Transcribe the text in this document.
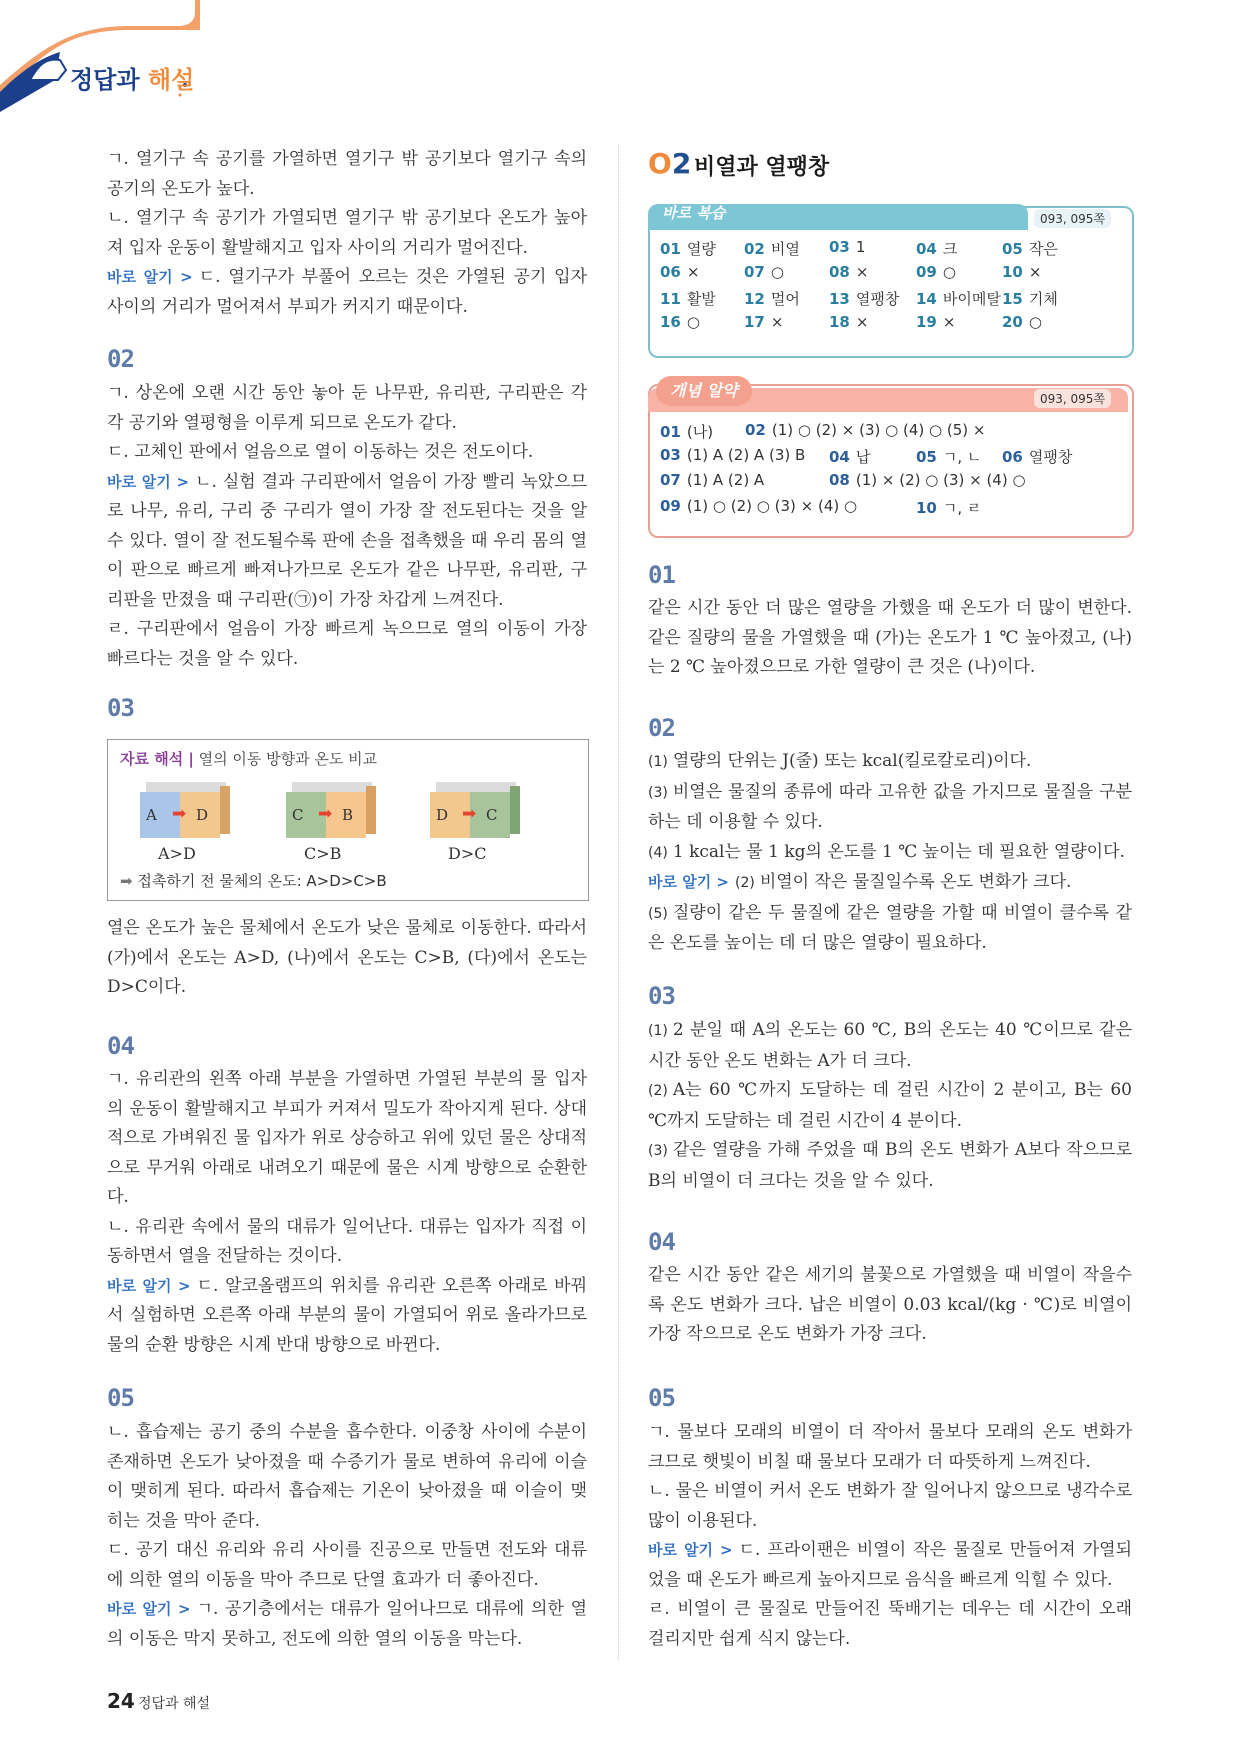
정답과 해설

ㄱ. 열기구 속 공기를 가열하면 열기구 밖 공기보다 열기구 속의 공기의 온도가 높다.

ㄴ. 열기구 속 공기가 가열되면 열기구 밖 공기보다 온도가 높아져 입자 운동이 활발해지고 입자 사이의 거리가 멀어진다.

바로 알기 > ㄷ. 열기구가 부풀어 오르는 것은 가열된 공기 입자 사이의 거리가 멀어져서 부피가 커지기 때문이다.

02

ㄱ. 상온에 오랜 시간 동안 놓아 둔 나무판, 유리판, 구리판은 각각 공기와 열평형을 이루게 되므로 온도가 같다.

ㄷ. 고체인 판에서 얼음으로 열이 이동하는 것은 전도이다.

바로 알기 > ㄴ. 실험 결과 구리판에서 얼음이 가장 빨리 녹았으므로 나무, 유리, 구리 중 구리가 열이 가장 잘 전도된다는 것을 알 수 있다. 열이 잘 전도될수록 판에 손을 접촉했을 때 우리 몸의 열이 판으로 빠르게 빠져나가므로 온도가 같은 나무판, 유리판, 구리판을 만졌을 때 구리판(㉠)이 가장 차갑게 느껴진다.

ㄹ. 구리판에서 얼음이 가장 빠르게 녹으므로 열의 이동이 가장 빠르다는 것을 알 수 있다.

03
자료 해석 | 열의 이동 방향과 온도 비교
A ➡ D
A>D
C ➡ B
C>B
D ➡ C
D>C
➡ 접촉하기 전 물체의 온도: A>D>C>B

열은 온도가 높은 물체에서 온도가 낮은 물체로 이동한다. 따라서 (가)에서 온도는 A>D, (나)에서 온도는 C>B, (다)에서 온도는 D>C이다.

04

ㄱ. 유리관의 왼쪽 아래 부분을 가열하면 가열된 부분의 물 입자의 운동이 활발해지고 부피가 커져서 밀도가 작아지게 된다. 상대적으로 가벼워진 물 입자가 위로 상승하고 위에 있던 물은 상대적으로 무거워 아래로 내려오기 때문에 물은 시계 방향으로 순환한다.

ㄴ. 유리관 속에서 물의 대류가 일어난다. 대류는 입자가 직접 이동하면서 열을 전달하는 것이다.

바로 알기 > ㄷ. 알코올램프의 위치를 유리관 오른쪽 아래로 바꿔서 실험하면 오른쪽 아래 부분의 물이 가열되어 위로 올라가므로 물의 순환 방향은 시계 반대 방향으로 바뀐다.

05

ㄴ. 흡습제는 공기 중의 수분을 흡수한다. 이중창 사이에 수분이 존재하면 온도가 낮아졌을 때 수증기가 물로 변하여 유리에 이슬이 맺히게 된다. 따라서 흡습제는 기온이 낮아졌을 때 이슬이 맺히는 것을 막아 준다.

ㄷ. 공기 대신 유리와 유리 사이를 진공으로 만들면 전도와 대류에 의한 열의 이동을 막아 주므로 단열 효과가 더 좋아진다.

바로 알기 > ㄱ. 공기층에서는 대류가 일어나므로 대류에 의한 열의 이동은 막지 못하고, 전도에 의한 열의 이동을 막는다.

O2 비열과 열팽창
바로 복습	093, 095쪽
01 열량 02 비열 03 1	04 크	05 작은
06 ×	07 ○	08 ×	09 ○	10 ×
11 활발 12 멀어 13 열팽창 14 바이메탈 15 기체
16 ○	17 ×	18 ×	19 ×	20 ○
개념 알약	093, 095쪽
01 (나) 02 (1) ○ (2) × (3) ○ (4) ○ (5) ×
03 (1) A (2) A (3) B 04 납	05 ㄱ, ㄴ 06 열팽창
07 (1) A (2) A	08 (1) × (2) ○ (3) × (4) ○
09 (1) ○ (2) ○ (3) × (4) ○	10 ㄱ, ㄹ
01

같은 시간 동안 더 많은 열량을 가했을 때 온도가 더 많이 변한다. 같은 질량의 물을 가열했을 때 (가)는 온도가 1 ℃ 높아졌고, (나)는 2 ℃ 높아졌으므로 가한 열량이 큰 것은 (나)이다.

02

(1) 열량의 단위는 J(줄) 또는 kcal(킬로칼로리)이다.

(3) 비열은 물질의 종류에 따라 고유한 값을 가지므로 물질을 구분하는 데 이용할 수 있다.

(4) 1 kcal는 물 1 kg의 온도를 1 ℃ 높이는 데 필요한 열량이다.

바로 알기 > (2) 비열이 작은 물질일수록 온도 변화가 크다.

(5) 질량이 같은 두 물질에 같은 열량을 가할 때 비열이 클수록 같은 온도를 높이는 데 더 많은 열량이 필요하다.

03

(1) 2 분일 때 A의 온도는 60 ℃, B의 온도는 40 ℃이므로 같은 시간 동안 온도 변화는 A가 더 크다.

(2) A는 60 ℃까지 도달하는 데 걸린 시간이 2 분이고, B는 60 ℃까지 도달하는 데 걸린 시간이 4 분이다.

(3) 같은 열량을 가해 주었을 때 B의 온도 변화가 A보다 작으므로 B의 비열이 더 크다는 것을 알 수 있다.

04

같은 시간 동안 같은 세기의 불꽃으로 가열했을 때 비열이 작을수록 온도 변화가 크다. 납은 비열이 0.03 kcal/(kg · ℃)로 비열이 가장 작으므로 온도 변화가 가장 크다.

05

ㄱ. 물보다 모래의 비열이 더 작아서 물보다 모래의 온도 변화가 크므로 햇빛이 비칠 때 물보다 모래가 더 따뜻하게 느껴진다.

ㄴ. 물은 비열이 커서 온도 변화가 잘 일어나지 않으므로 냉각수로 많이 이용된다.

바로 알기 > ㄷ. 프라이팬은 비열이 작은 물질로 만들어져 가열되었을 때 온도가 빠르게 높아지므로 음식을 빠르게 익힐 수 있다.

ㄹ. 비열이 큰 물질로 만들어진 뚝배기는 데우는 데 시간이 오래 걸리지만 쉽게 식지 않는다.

24 정답과 해설
